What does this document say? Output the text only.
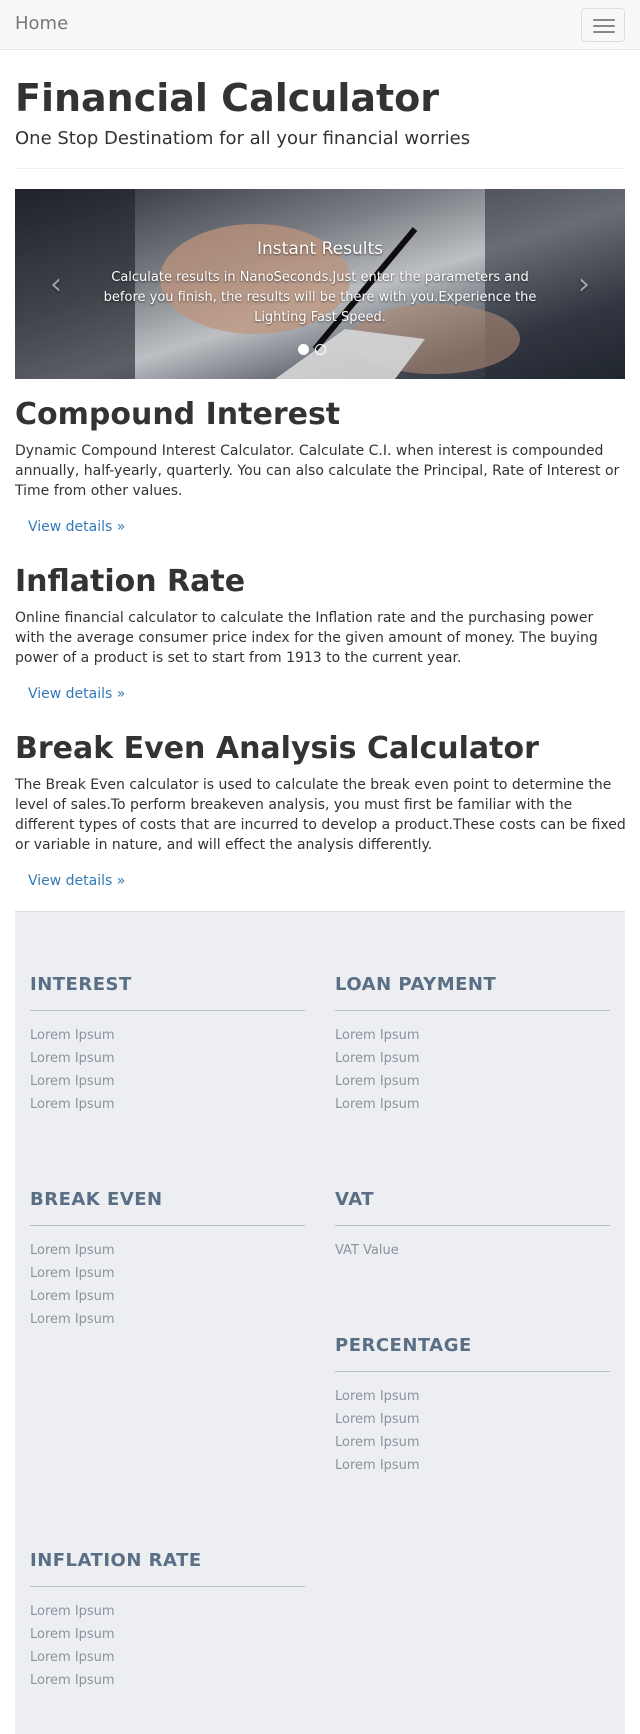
Home
Financial Calculator

One Stop Destinatiom for all your financial worries

‹	›
Instant Results
Calculate results in NanoSeconds.Just enter the parameters and before you finish, the results will be there with you.Experience the Lighting Fast Speed.
Compound Interest

Dynamic Compound Interest Calculator. Calculate C.I. when interest is compounded annually, half-yearly, quarterly. You can also calculate the Principal, Rate of Interest or Time from other values.

View details »
Inflation Rate

Online financial calculator to calculate the Inflation rate and the purchasing power with the average consumer price index for the given amount of money. The buying power of a product is set to start from 1913 to the current year.

View details »
Break Even Analysis Calculator

The Break Even calculator is used to calculate the break even point to determine the level of sales.To perform breakeven analysis, you must first be familiar with the different types of costs that are incurred to develop a product.These costs can be fixed or variable in nature, and will effect the analysis differently.

View details »
INTEREST
Lorem Ipsum
Lorem Ipsum
Lorem Ipsum
Lorem Ipsum
LOAN PAYMENT
Lorem Ipsum
Lorem Ipsum
Lorem Ipsum
Lorem Ipsum
BREAK EVEN
Lorem Ipsum
Lorem Ipsum
Lorem Ipsum
Lorem Ipsum
VAT
VAT Value
PERCENTAGE
Lorem Ipsum
Lorem Ipsum
Lorem Ipsum
Lorem Ipsum
INFLATION RATE
Lorem Ipsum
Lorem Ipsum
Lorem Ipsum
Lorem Ipsum
